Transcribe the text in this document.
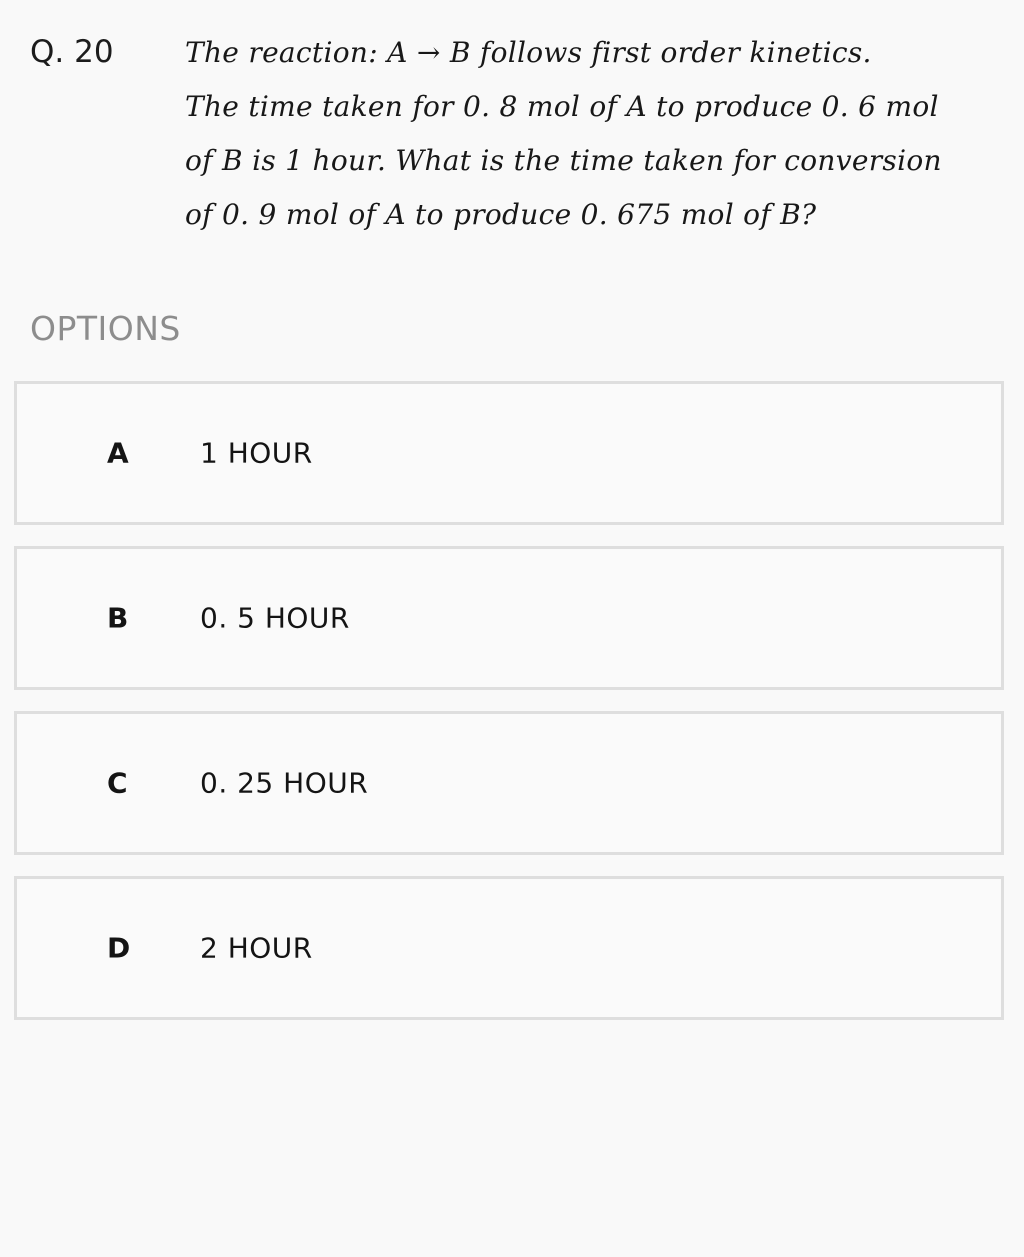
Q. 20	The reaction: A → B follows first order kinetics.
The time taken for 0. 8 mol of A to produce 0. 6 mol
of B is 1 hour. What is the time taken for conversion
of 0. 9 mol of A to produce 0. 675 mol of B?
OPTIONS
A	1 HOUR
B	0. 5 HOUR
C	0. 25 HOUR
D 2 HOUR
